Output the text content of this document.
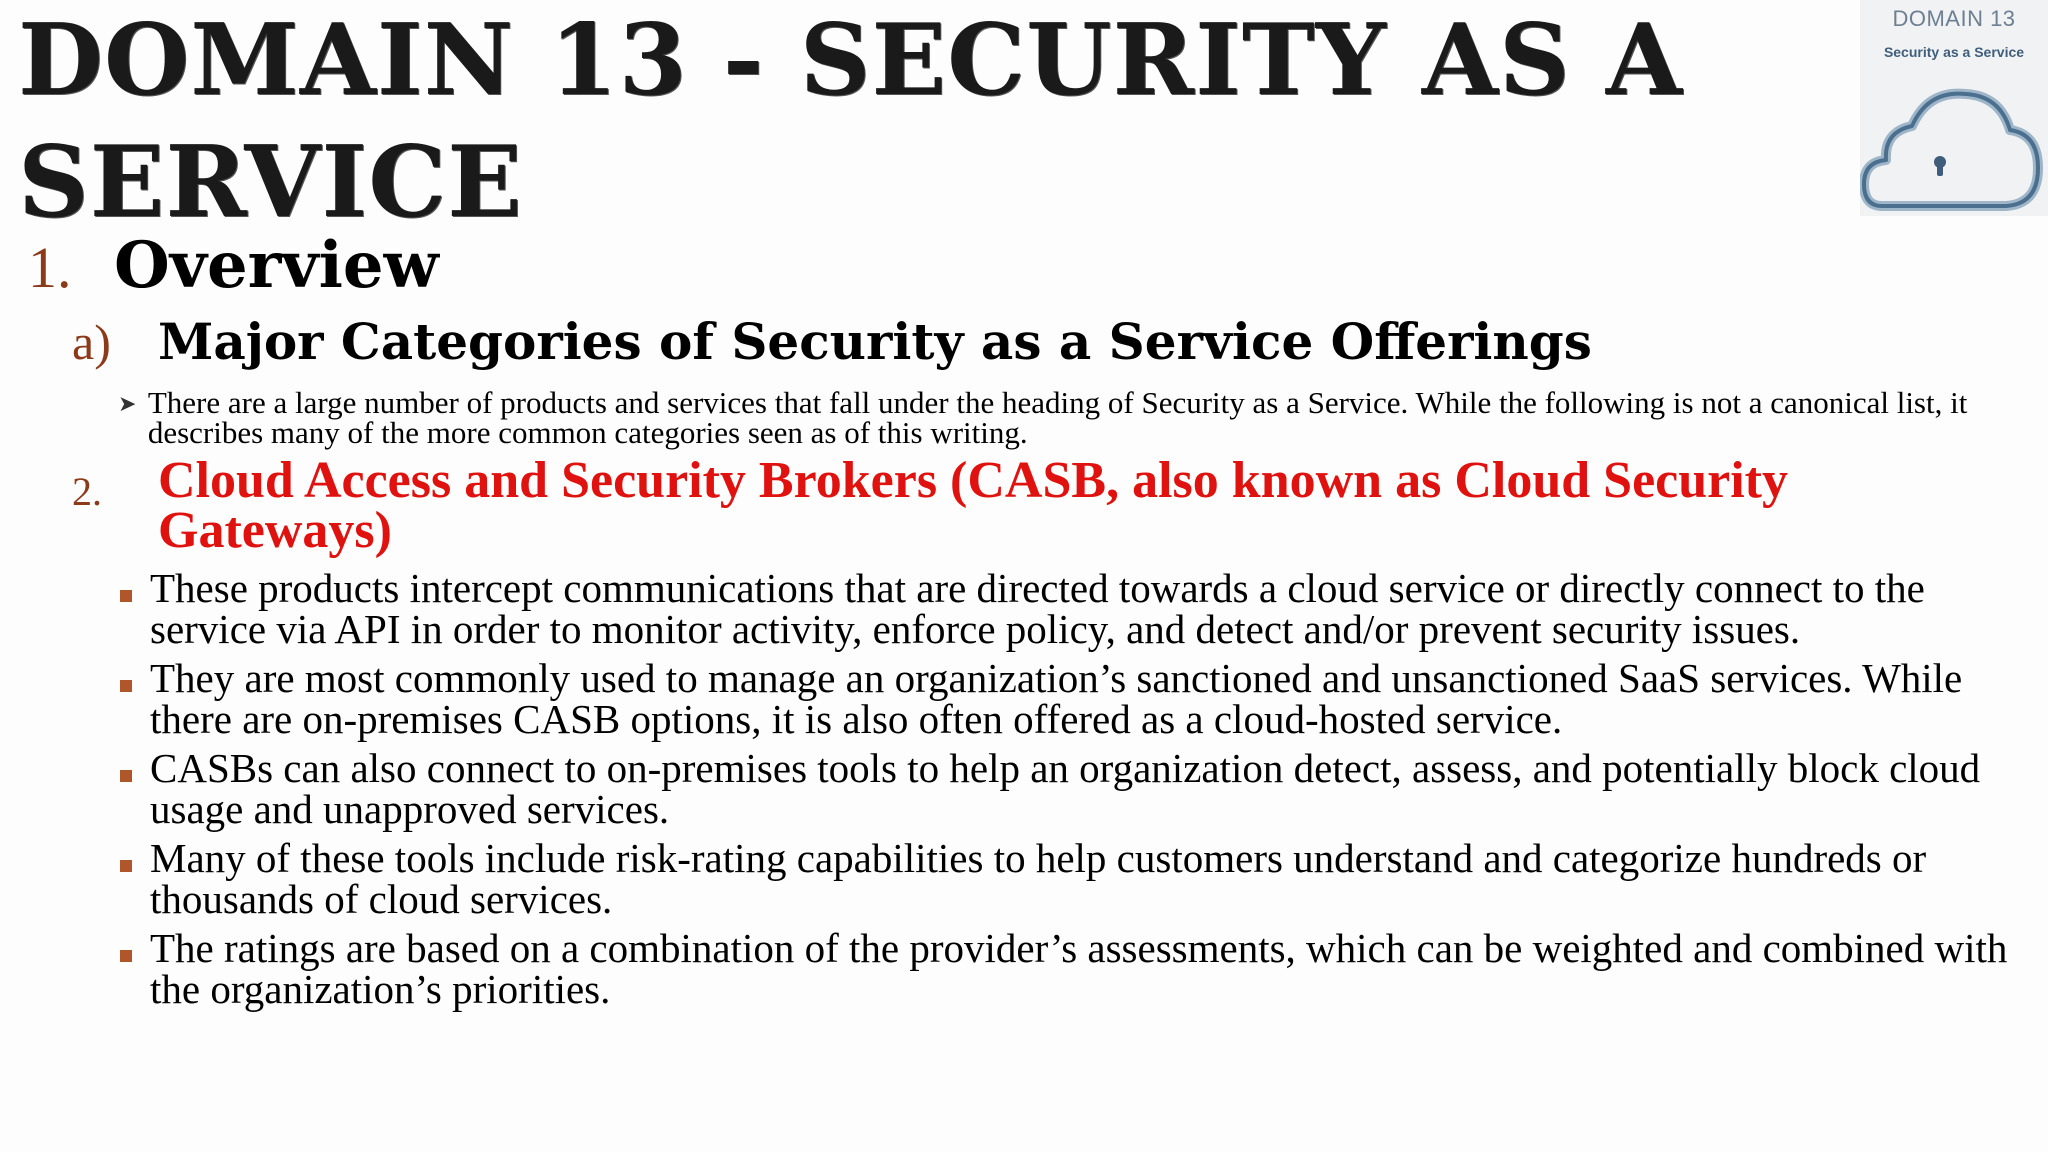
DOMAIN 13 - SECURITY AS A SERVICE
DOMAIN 13
Security as a Service
1. Overview
a) Major Categories of Security as a Service Offerings
➤ There are a large number of products and services that fall under the heading of Security as a Service. While the following is not a canonical list, it describes many of the more common categories seen as of this writing.
2.	Cloud Access and Security Brokers (CASB, also known as Cloud Security Gateways)
These products intercept communications that are directed towards a cloud service or directly connect to the service via API in order to monitor activity, enforce policy, and detect and/or prevent security issues.
They are most commonly used to manage an organization’s sanctioned and unsanctioned SaaS services. While there are on-premises CASB options, it is also often offered as a cloud-hosted service.
CASBs can also connect to on-premises tools to help an organization detect, assess, and potentially block cloud usage and unapproved services.
Many of these tools include risk-rating capabilities to help customers understand and categorize hundreds or thousands of cloud services.
The ratings are based on a combination of the provider’s assessments, which can be weighted and combined with the organization’s priorities.
